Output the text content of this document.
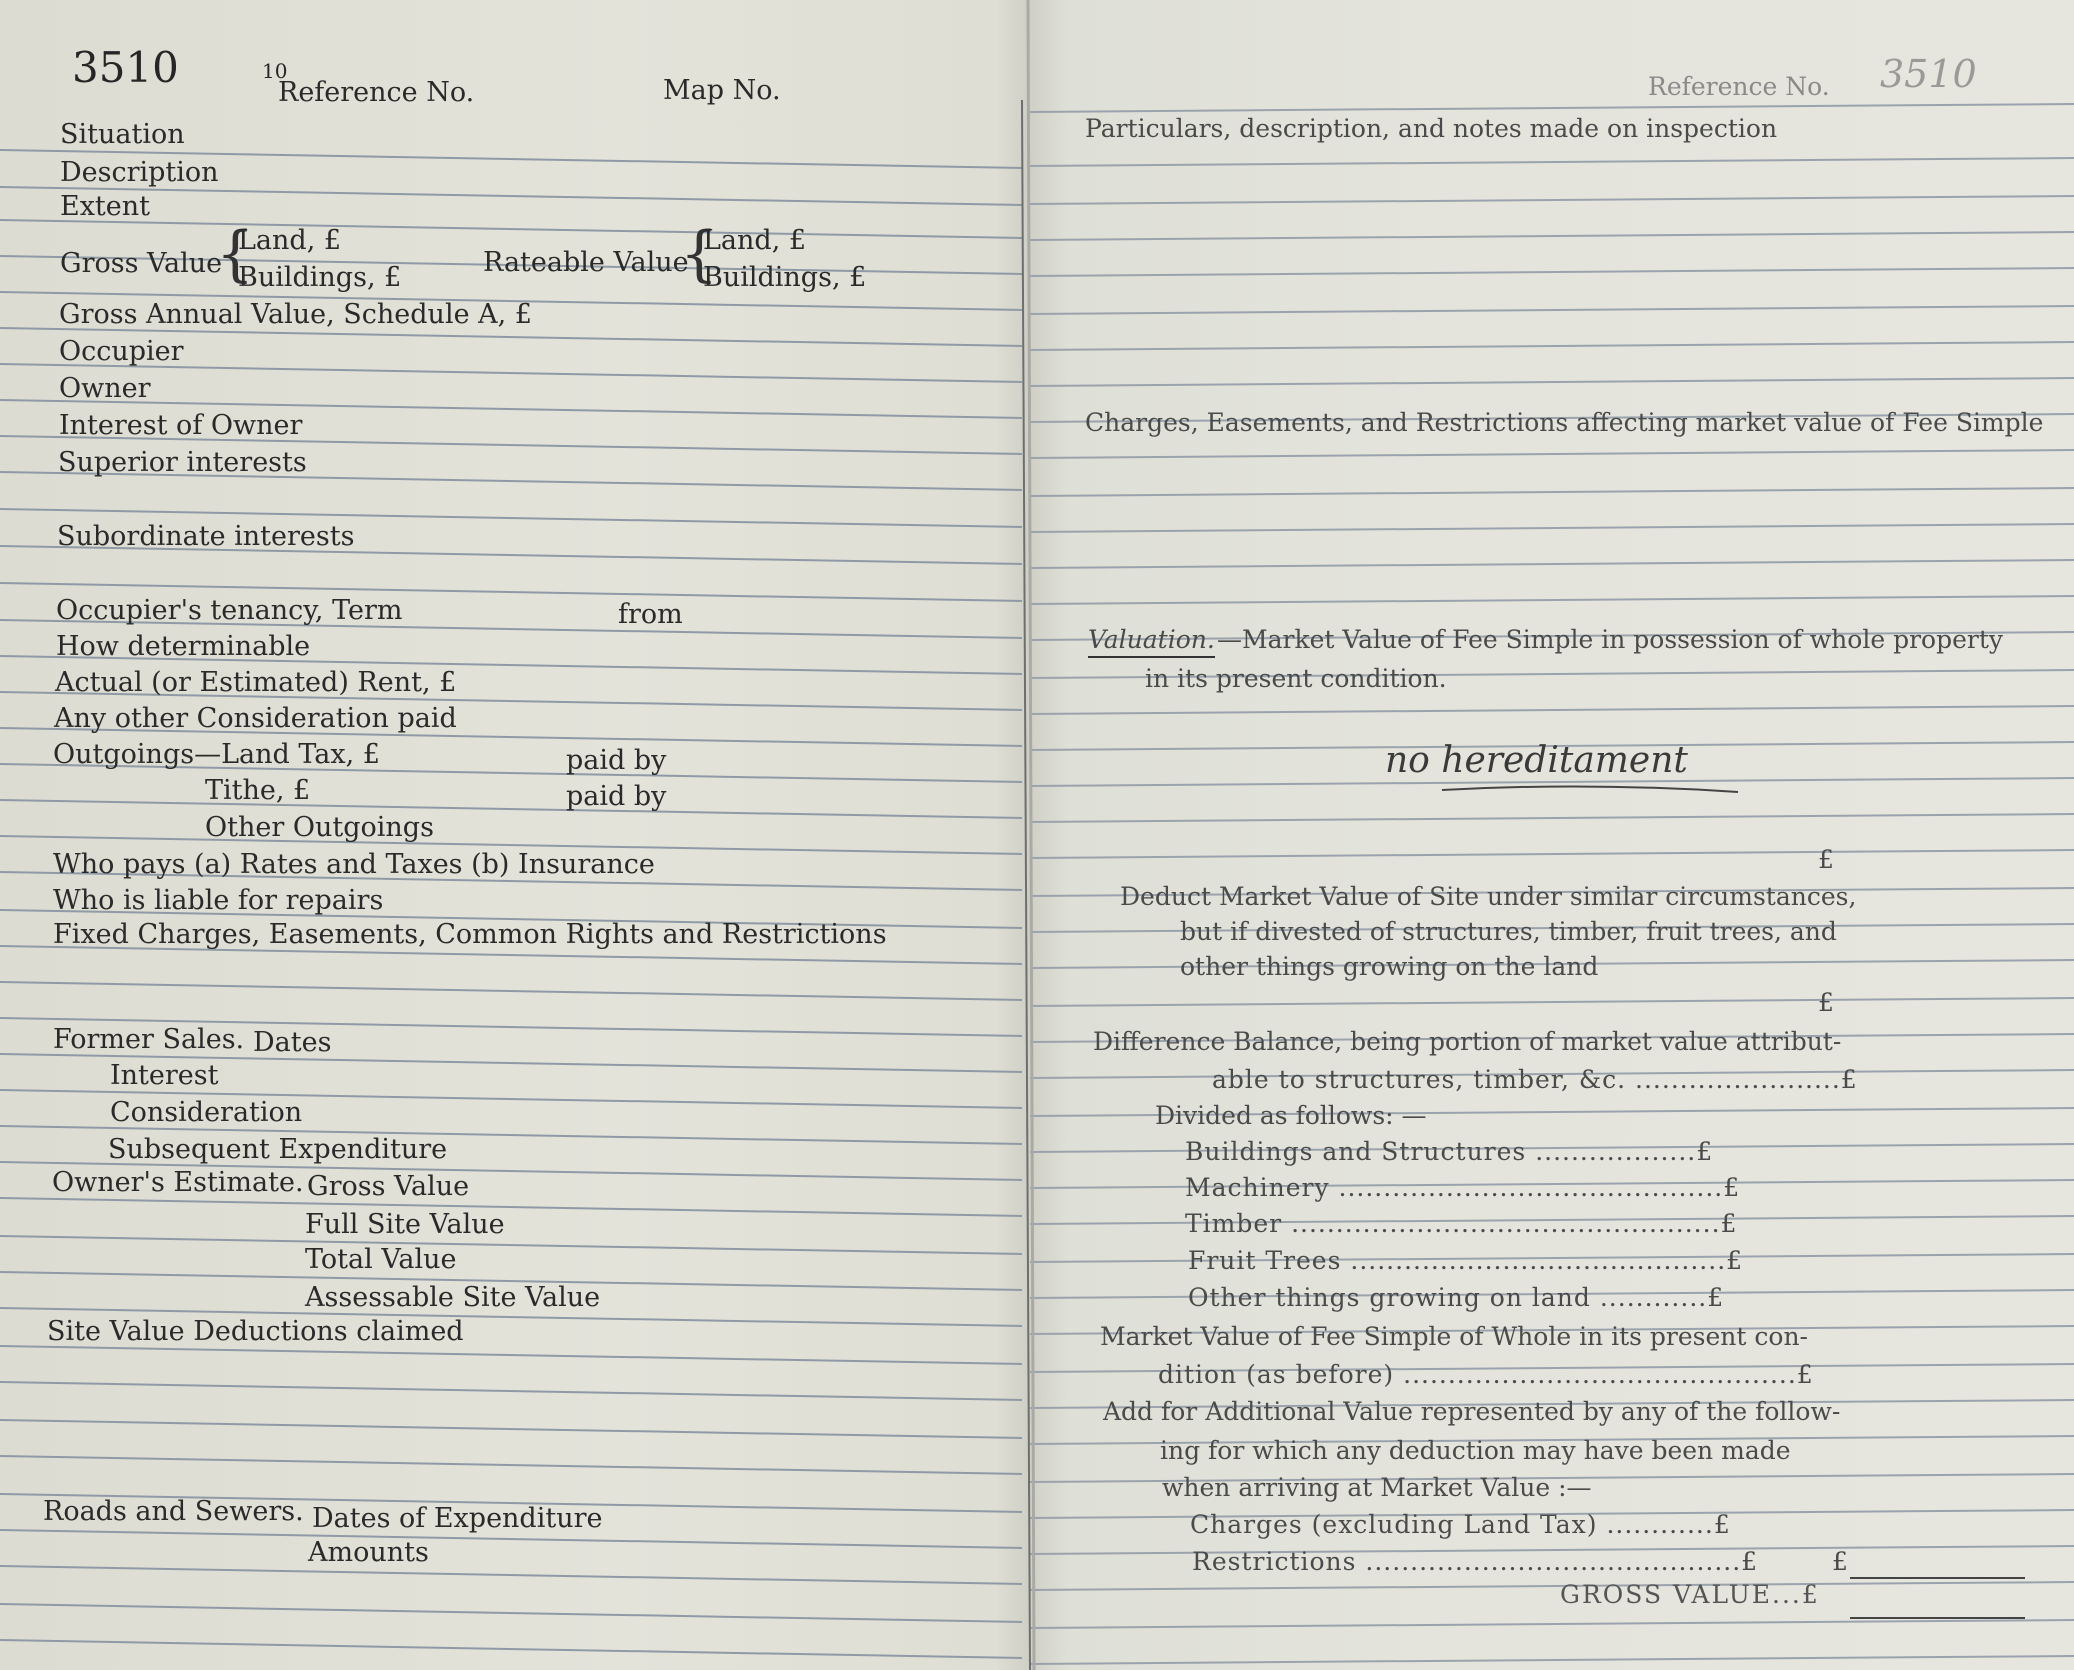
3510	10
Reference No.	Map No.
Situation
Description
Extent
Gross Value
{
Land, £
Buildings, £	Rateable Value
{
Land, £
Buildings, £
Gross Annual Value, Schedule A, £
Occupier
Owner
Interest of Owner
Superior interests
Subordinate interests
Occupier's tenancy, Term	from
How determinable
Actual (or Estimated) Rent, £
Any other Consideration paid
Outgoings—Land Tax, £	paid by
Tithe, £	paid by
Other Outgoings
Who pays (a) Rates and Taxes (b) Insurance
Who is liable for repairs
Fixed Charges, Easements, Common Rights and Restrictions
Former Sales. Dates
Interest
Consideration
Subsequent Expenditure
Owner's Estimate. Gross Value
Full Site Value
Total Value
Assessable Site Value
Site Value Deductions claimed
Roads and Sewers. Dates of Expenditure
Amounts
Reference No. 3510
Particulars, description, and notes made on inspection
Charges, Easements, and Restrictions affecting market value of Fee Simple
Valuation. —Market Value of Fee Simple in possession of whole property
in its present condition.
no hereditament
£
Deduct Market Value of Site under similar circumstances,
but if divested of structures, timber, fruit trees, and
other things growing on the land
£
Difference Balance, being portion of market value attribut-
able to structures, timber, &c. .......................£
Divided as follows: —
Buildings and Structures ..................£
Machinery ...........................................£
Timber ................................................£
Fruit Trees ..........................................£
Other things growing on land ............£
Market Value of Fee Simple of Whole in its present con-
dition (as before) ............................................£
Add for Additional Value represented by any of the follow-
ing for which any deduction may have been made
when arriving at Market Value :—
Charges (excluding Land Tax) ............£
Restrictions ..........................................£	£
GROSS VALUE...£
